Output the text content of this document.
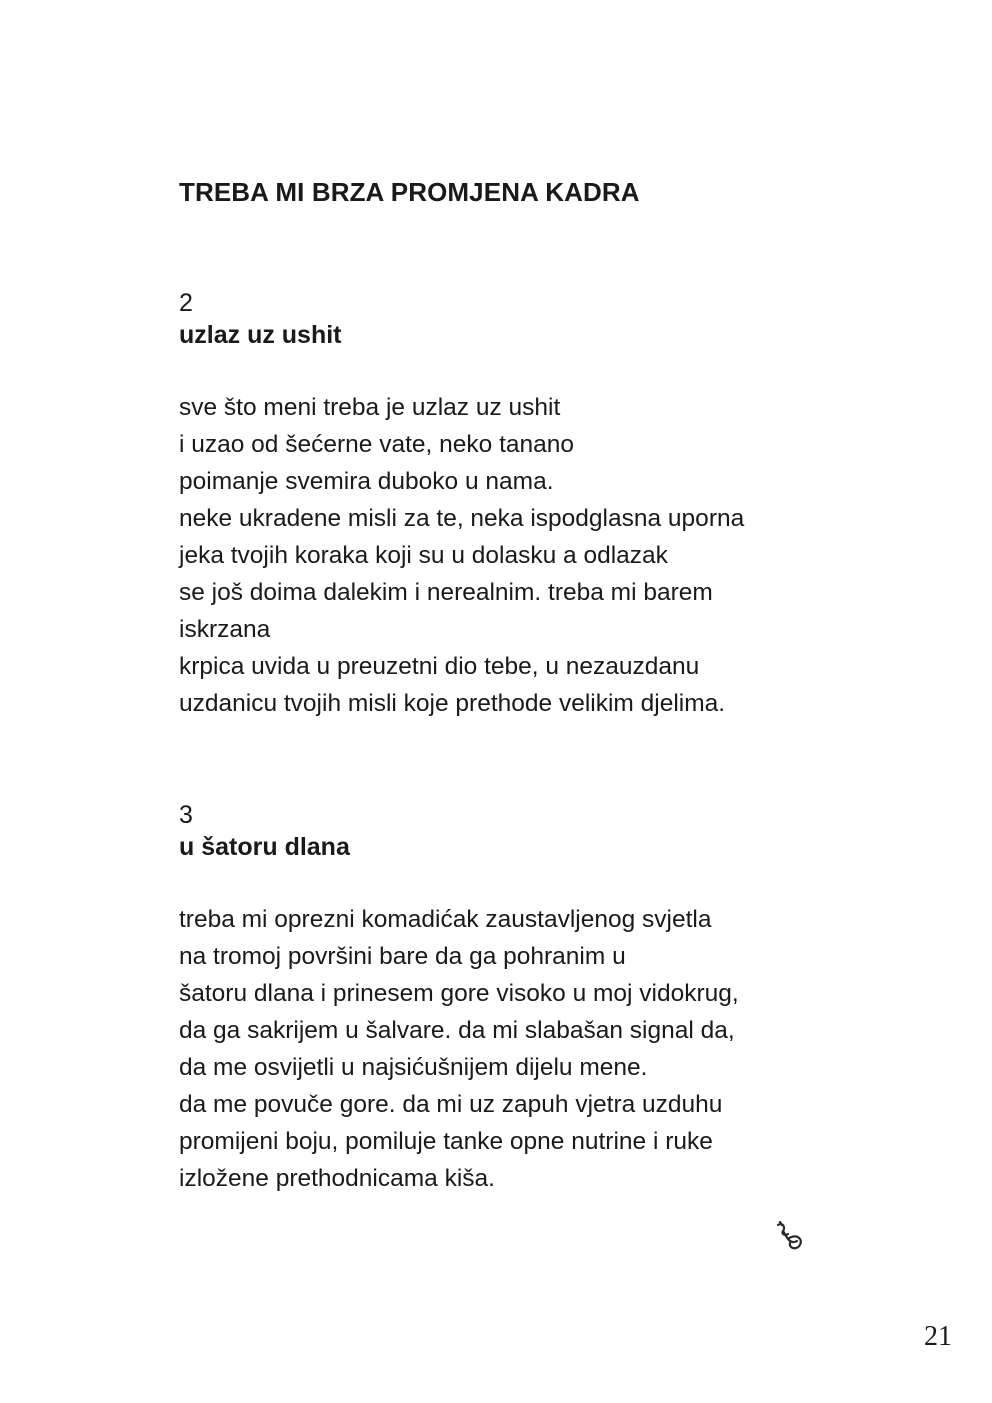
TREBA MI BRZA PROMJENA KADRA

2

uzlaz uz ushit
sve što meni treba je uzlaz uz ushit
i uzao od šećerne vate, neko tanano
poimanje svemira duboko u nama.
neke ukradene misli za te, neka ispodglasna uporna
jeka tvojih koraka koji su u dolasku a odlazak
se još doima dalekim i nerealnim. treba mi barem
iskrzana
krpica uvida u preuzetni dio tebe, u nezauzdanu
uzdanicu tvojih misli koje prethode velikim djelima.

3

u šatoru dlana
treba mi oprezni komadićak zaustavljenog svjetla
na tromoj površini bare da ga pohranim u
šatoru dlana i prinesem gore visoko u moj vidokrug,
da ga sakrijem u šalvare. da mi slabašan signal da,
da me osvijetli u najsićušnijem dijelu mene.
da me povuče gore. da mi uz zapuh vjetra uzduhu
promijeni boju, pomiluje tanke opne nutrine i ruke
izložene prethodnicama kiša.

21
